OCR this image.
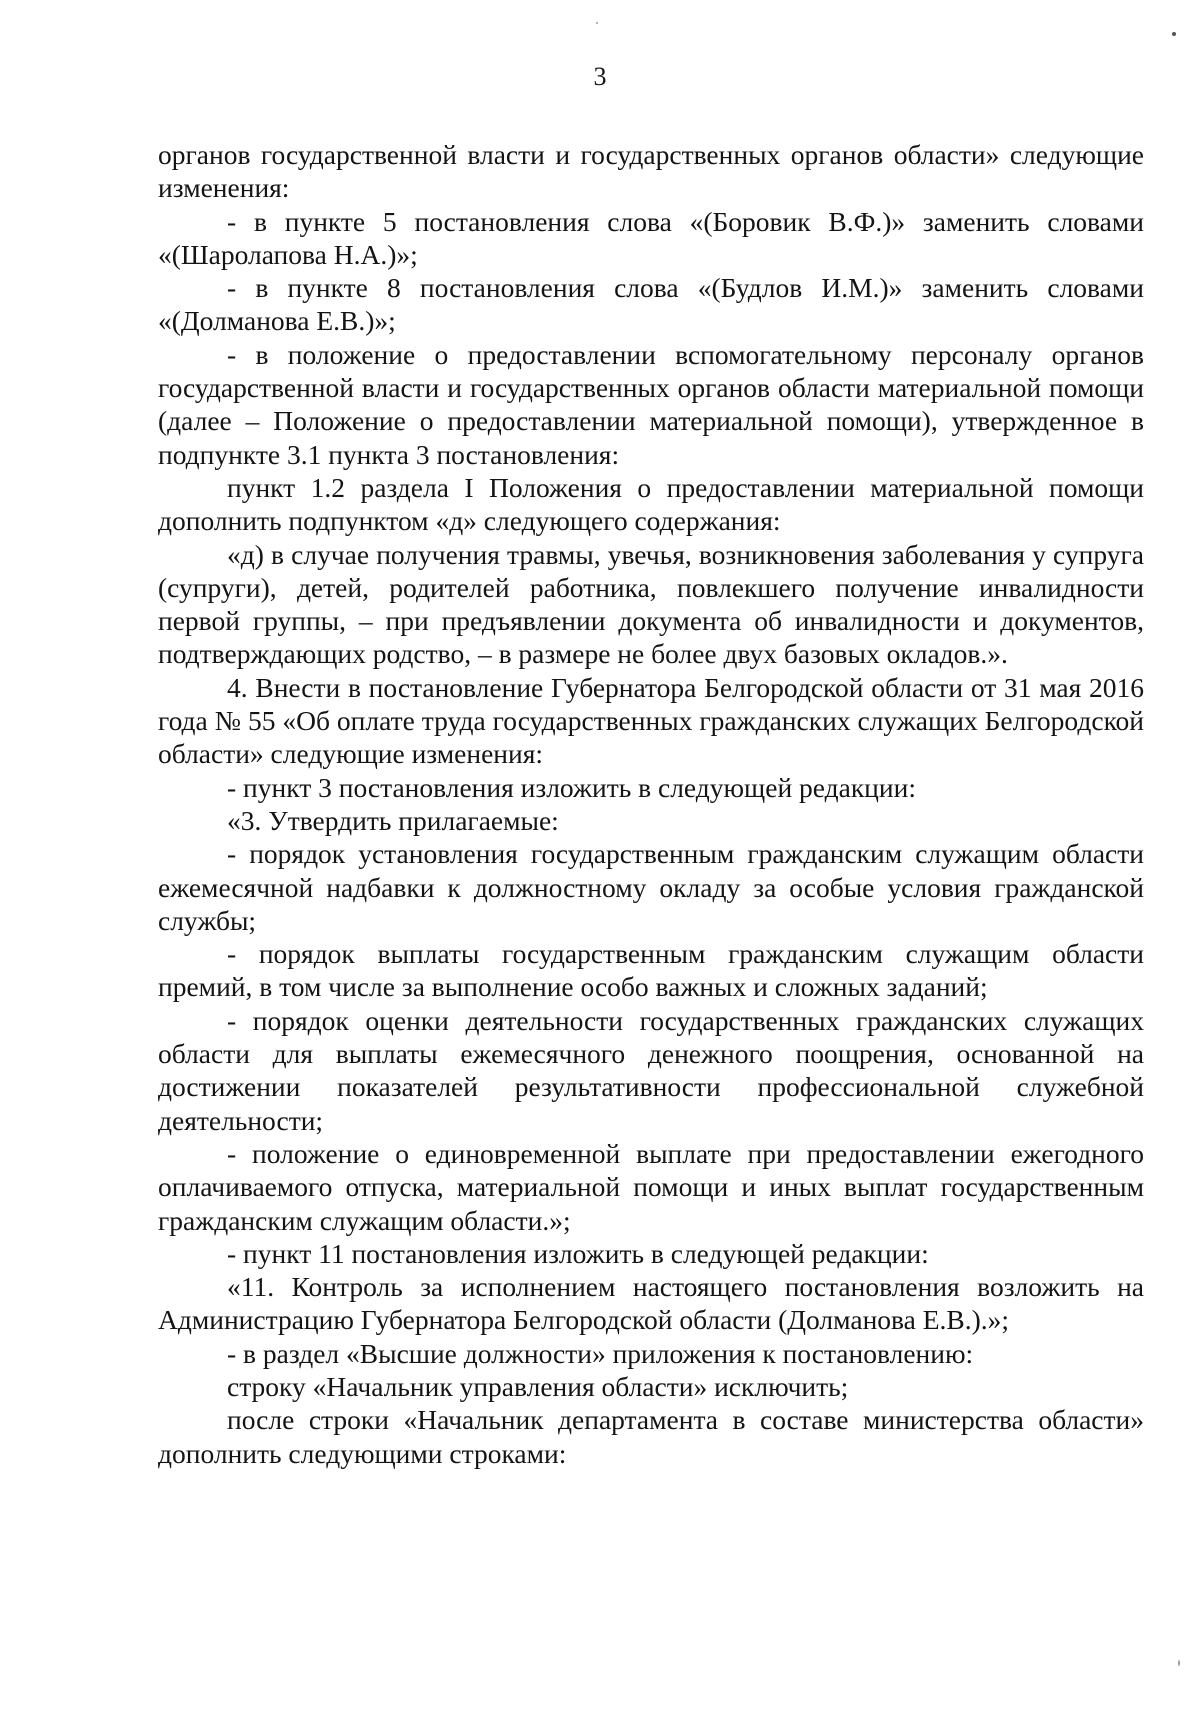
3

органов государственной власти и государственных органов области» следующие изменения:

- в пункте 5 постановления слова «(Боровик В.Ф.)» заменить словами «(Шаролапова Н.А.)»;

- в пункте 8 постановления слова «(Будлов И.М.)» заменить словами «(Долманова Е.В.)»;

- в положение о предоставлении вспомогательному персоналу органов государственной власти и государственных органов области материальной помощи (далее – Положение о предоставлении материальной помощи), утвержденное в подпункте 3.1 пункта 3 постановления:

пункт 1.2 раздела I Положения о предоставлении материальной помощи дополнить подпунктом «д» следующего содержания:

«д) в случае получения травмы, увечья, возникновения заболевания у супруга (супруги), детей, родителей работника, повлекшего получение инвалидности первой группы, – при предъявлении документа об инвалидности и документов, подтверждающих родство, – в размере не более двух базовых окладов.».

4. Внести в постановление Губернатора Белгородской области от 31 мая 2016 года № 55 «Об оплате труда государственных гражданских служащих Белгородской области» следующие изменения:

- пункт 3 постановления изложить в следующей редакции:

«3. Утвердить прилагаемые:

- порядок установления государственным гражданским служащим области ежемесячной надбавки к должностному окладу за особые условия гражданской службы;

- порядок выплаты государственным гражданским служащим области премий, в том числе за выполнение особо важных и сложных заданий;

- порядок оценки деятельности государственных гражданских служащих области для выплаты ежемесячного денежного поощрения, основанной на достижении показателей результативности профессиональной служебной деятельности;

- положение о единовременной выплате при предоставлении ежегодного оплачиваемого отпуска, материальной помощи и иных выплат государственным гражданским служащим области.»;

- пункт 11 постановления изложить в следующей редакции:

«11. Контроль за исполнением настоящего постановления возложить на Администрацию Губернатора Белгородской области (Долманова Е.В.).»;

- в раздел «Высшие должности» приложения к постановлению:

строку «Начальник управления области» исключить;

после строки «Начальник департамента в составе министерства области» дополнить следующими строками:
